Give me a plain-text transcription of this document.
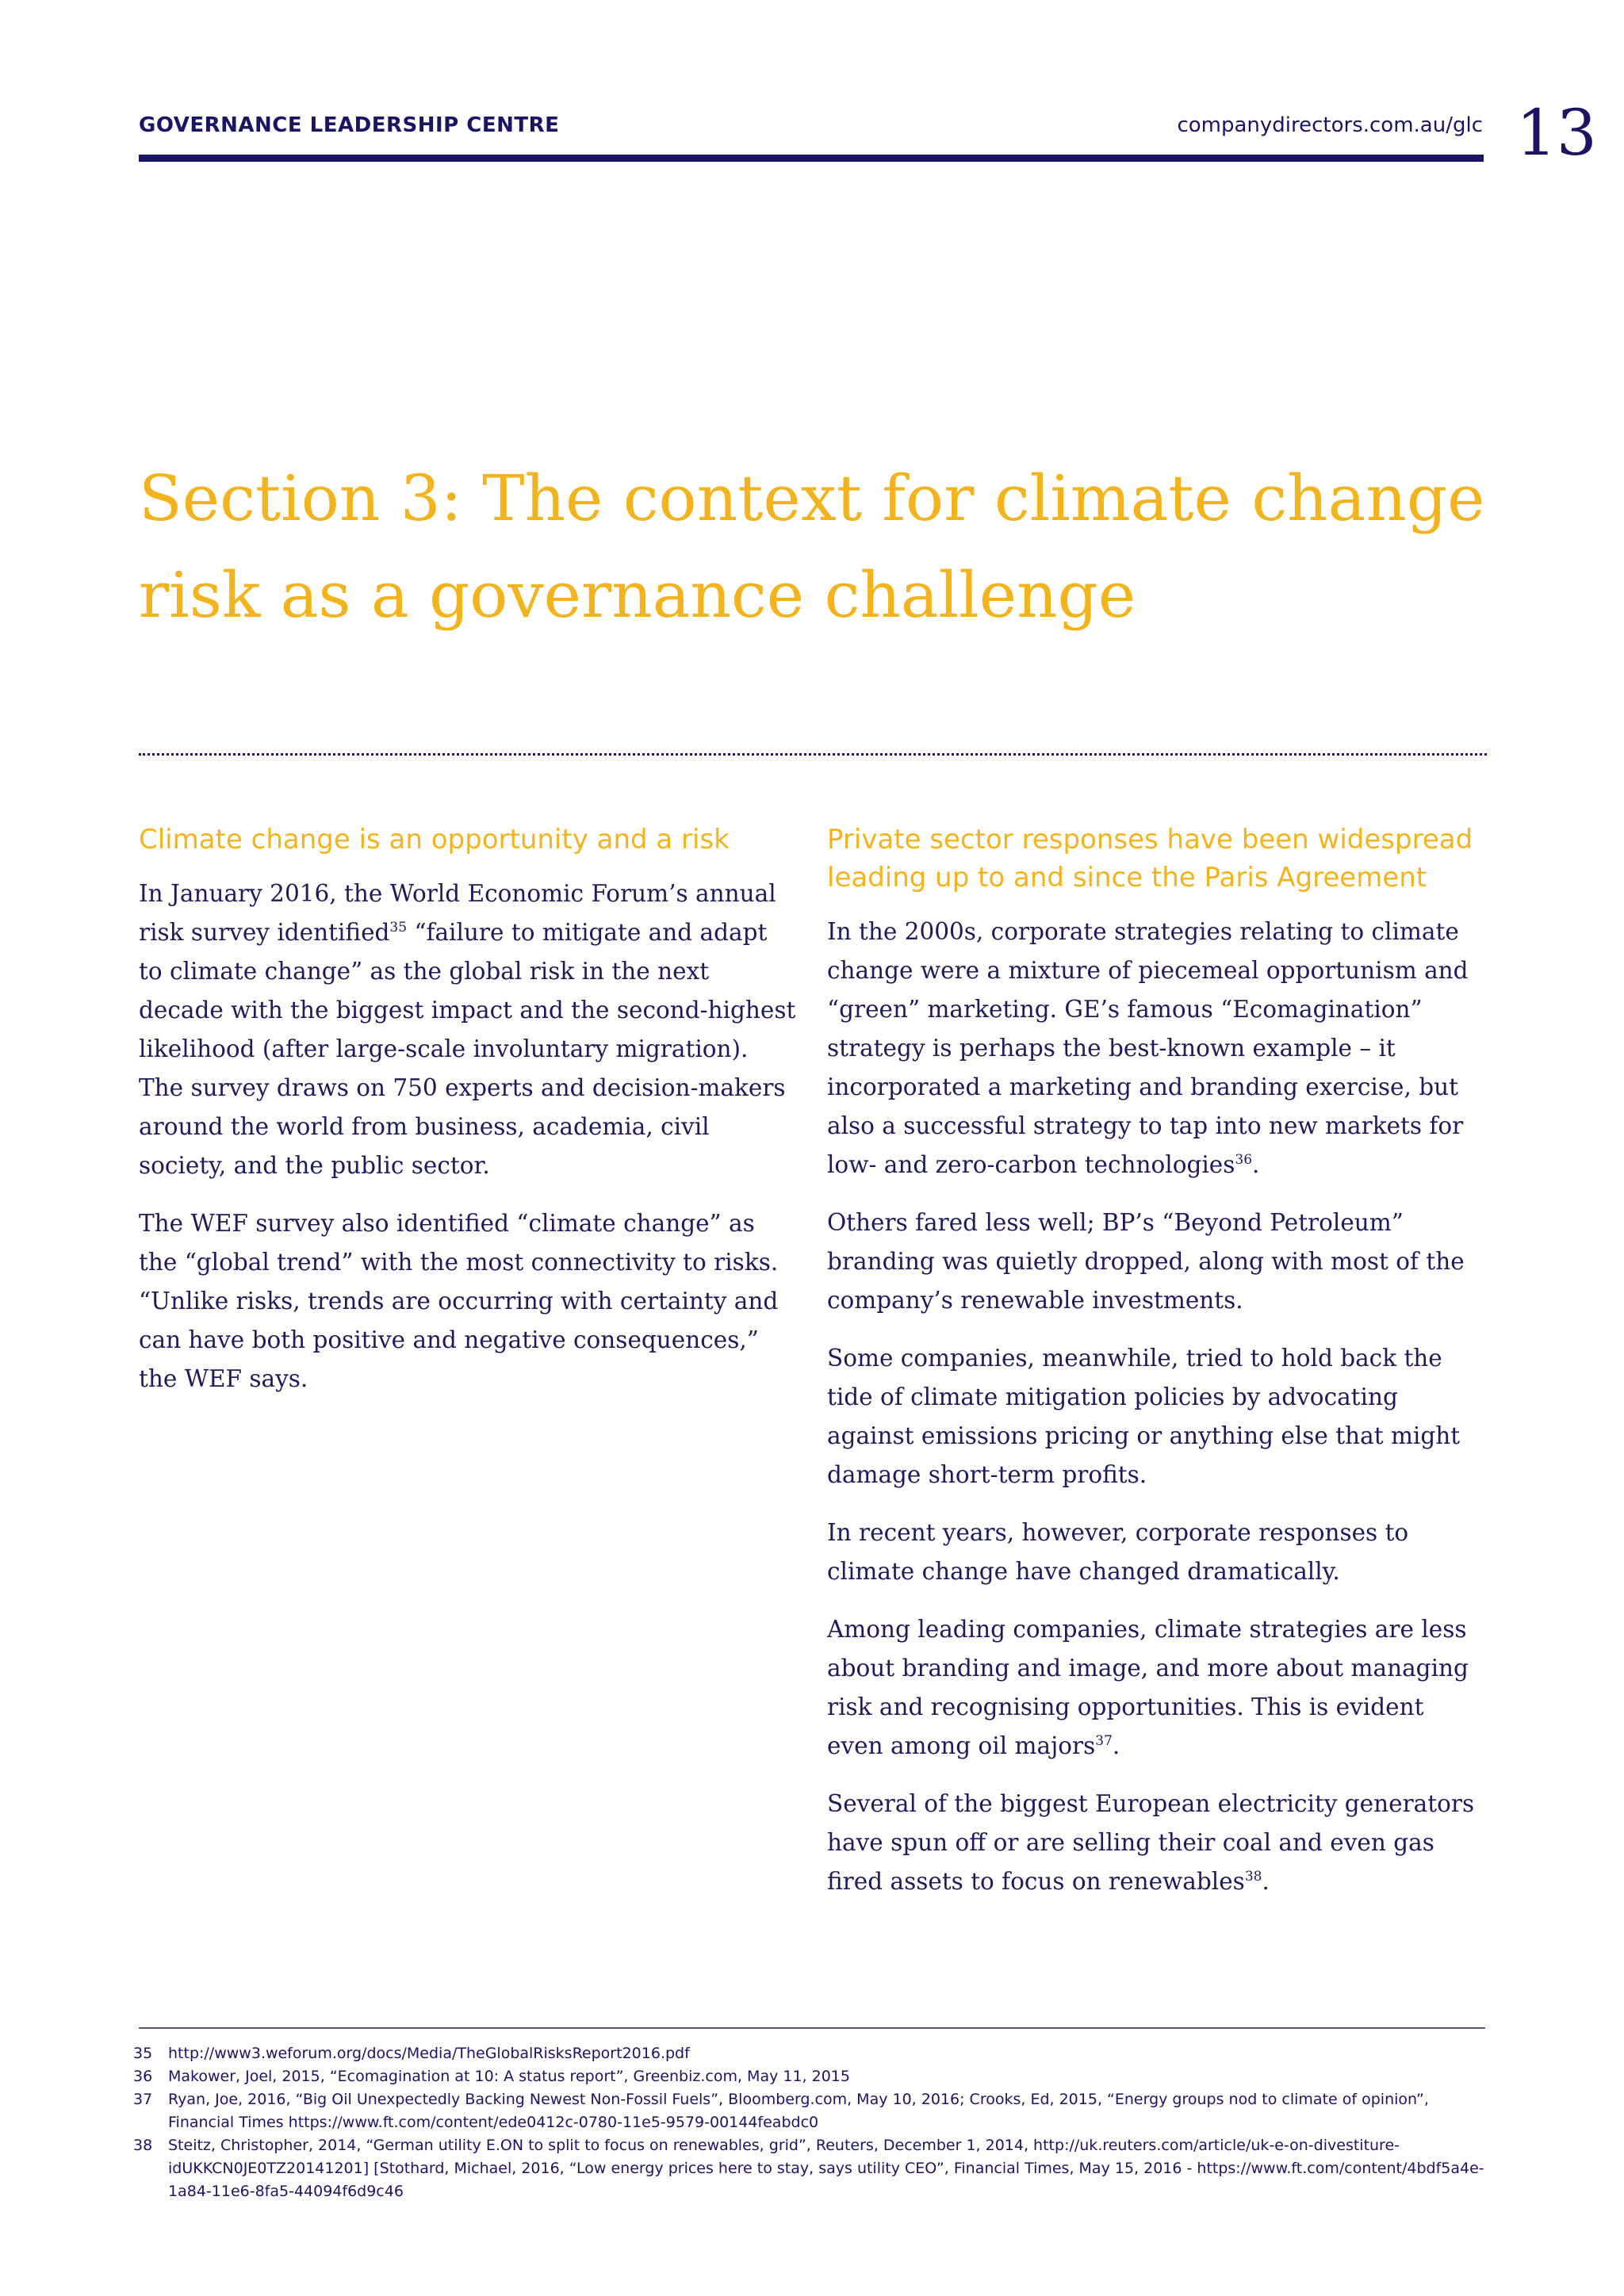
GOVERNANCE LEADERSHIP CENTRE	companydirectors.com.au/glc 13
Section 3: The context for climate change risk as a governance challenge
Climate change is an opportunity and a risk

In January 2016, the World Economic Forum’s annual risk survey identified$^{35}$ “failure to mitigate and adapt to climate change” as the global risk in the next decade with the biggest impact and the second-highest likelihood (after large-scale involuntary migration). The survey draws on 750 experts and decision-makers around the world from business, academia, civil society, and the public sector.

The WEF survey also identified “climate change” as the “global trend” with the most connectivity to risks. “Unlike risks, trends are occurring with certainty and can have both positive and negative consequences,” the WEF says.

Private sector responses have been widespread leading up to and since the Paris Agreement

In the 2000s, corporate strategies relating to climate change were a mixture of piecemeal opportunism and “green” marketing. GE’s famous “Ecomagination” strategy is perhaps the best-known example – it incorporated a marketing and branding exercise, but also a successful strategy to tap into new markets for low- and zero-carbon technologies$^{36}$.

Others fared less well; BP’s “Beyond Petroleum” branding was quietly dropped, along with most of the company’s renewable investments.

Some companies, meanwhile, tried to hold back the tide of climate mitigation policies by advocating against emissions pricing or anything else that might damage short-term profits.

In recent years, however, corporate responses to climate change have changed dramatically.

Among leading companies, climate strategies are less about branding and image, and more about managing risk and recognising opportunities. This is evident even among oil majors$^{37}$.

Several of the biggest European electricity generators have spun off or are selling their coal and even gas fired assets to focus on renewables$^{38}$.

35	http://www3.weforum.org/docs/Media/TheGlobalRisksReport2016.pdf
36	Makower, Joel, 2015, “Ecomagination at 10: A status report”, Greenbiz.com, May 11, 2015
37	Ryan, Joe, 2016, “Big Oil Unexpectedly Backing Newest Non-Fossil Fuels”, Bloomberg.com, May 10, 2016; Crooks, Ed, 2015, “Energy groups nod to climate of opinion”, Financial Times https://www.ft.com/content/ede0412c-0780-11e5-9579-00144feabdc0
38	Steitz, Christopher, 2014, “German utility E.ON to split to focus on renewables, grid”, Reuters, December 1, 2014, http://uk.reuters.com/article/uk-e-on-divestiture-idUKKCN0JE0TZ20141201] [Stothard, Michael, 2016, “Low energy prices here to stay, says utility CEO”, Financial Times, May 15, 2016 - https://www.ft.com/content/4bdf5a4e-1a84-11e6-8fa5-44094f6d9c46
